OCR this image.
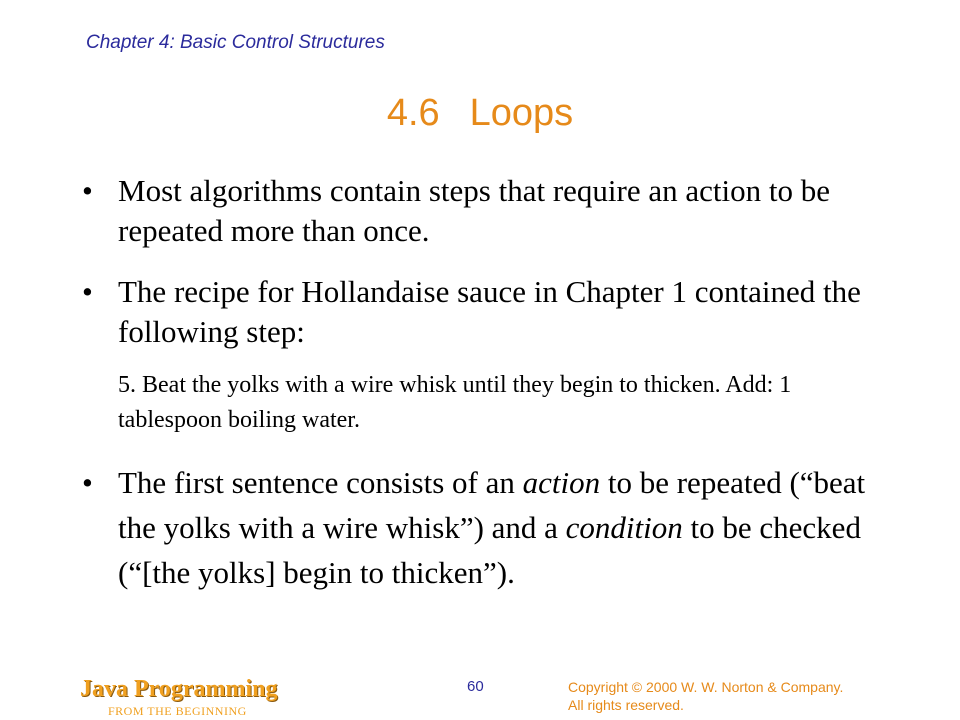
Chapter 4: Basic Control Structures
4.6 Loops
• Most algorithms contain steps that require an action to be repeated more than once.
• The recipe for Hollandaise sauce in Chapter 1 contained the following step:
5. Beat the yolks with a wire whisk until they begin to thicken. Add: 1 tablespoon boiling water.
• The first sentence consists of an action to be repeated (“beat the yolks with a wire whisk”) and a condition to be checked (“[the yolks] begin to thicken”).
Java Programming
FROM THE BEGINNING
60	Copyright © 2000 W. W. Norton & Company.
All rights reserved.
